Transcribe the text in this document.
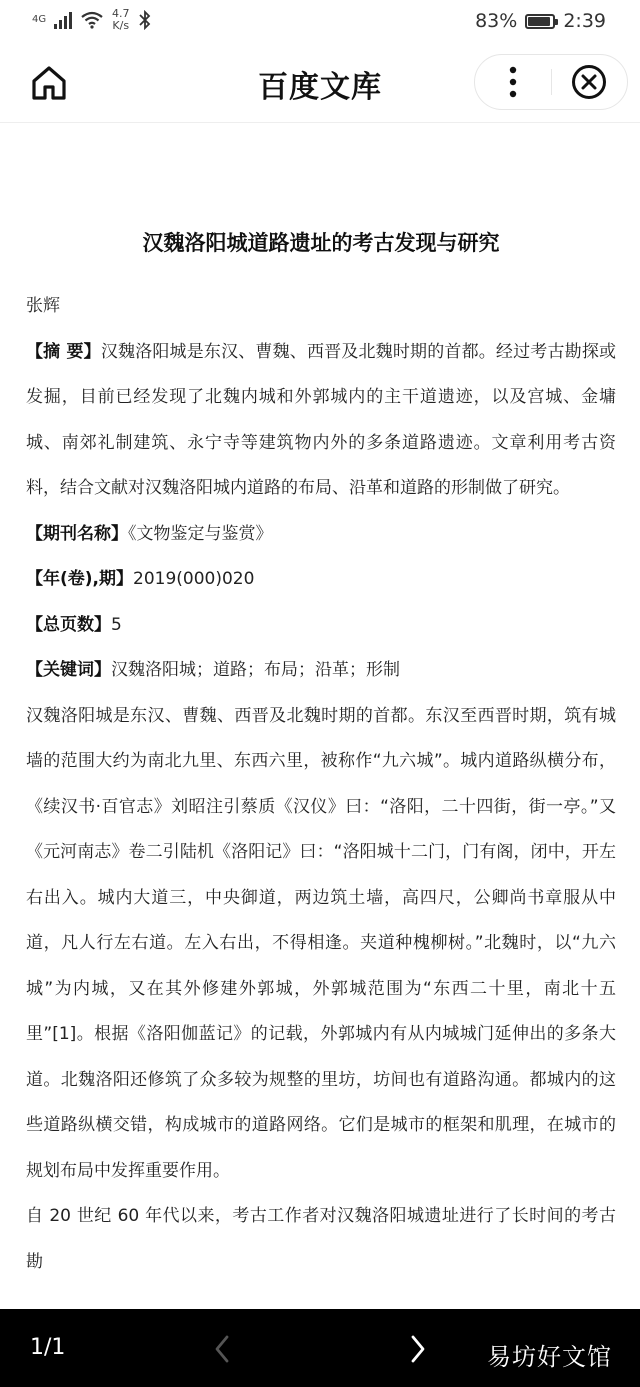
4G	4.7
K/s	83% 2:39
百度文库
汉魏洛阳城道路遗址的考古发现与研究

张辉

【摘 要】汉魏洛阳城是东汉、曹魏、西晋及北魏时期的首都。经过考古勘探或发掘，目前已经发现了北魏内城和外郭城内的主干道遗迹，以及宫城、金墉城、南郊礼制建筑、永宁寺等建筑物内外的多条道路遗迹。文章利用考古资料，结合文献对汉魏洛阳城内道路的布局、沿革和道路的形制做了研究。

【期刊名称】《文物鉴定与鉴赏》

【年(卷),期】2019(000)020

【总页数】5

【关键词】汉魏洛阳城；道路；布局；沿革；形制

汉魏洛阳城是东汉、曹魏、西晋及北魏时期的首都。东汉至西晋时期，筑有城墙的范围大约为南北九里、东西六里，被称作“九六城”。城内道路纵横分布，《续汉书·百官志》刘昭注引蔡质《汉仪》曰：“洛阳，二十四街，街一亭。”又《元河南志》卷二引陆机《洛阳记》曰：“洛阳城十二门，门有阁，闭中，开左右出入。城内大道三，中央御道，两边筑土墙，高四尺，公卿尚书章服从中道，凡人行左右道。左入右出，不得相逢。夹道种槐柳树。”北魏时，以“九六城”为内城，又在其外修建外郭城，外郭城范围为“东西二十里，南北十五里”[1]。根据《洛阳伽蓝记》的记载，外郭城内有从内城城门延伸出的多条大道。北魏洛阳还修筑了众多较为规整的里坊，坊间也有道路沟通。都城内的这些道路纵横交错，构成城市的道路网络。它们是城市的框架和肌理，在城市的规划布局中发挥重要作用。

自 20 世纪 60 年代以来，考古工作者对汉魏洛阳城遗址进行了长时间的考古勘

1/1	易坊好文馆
